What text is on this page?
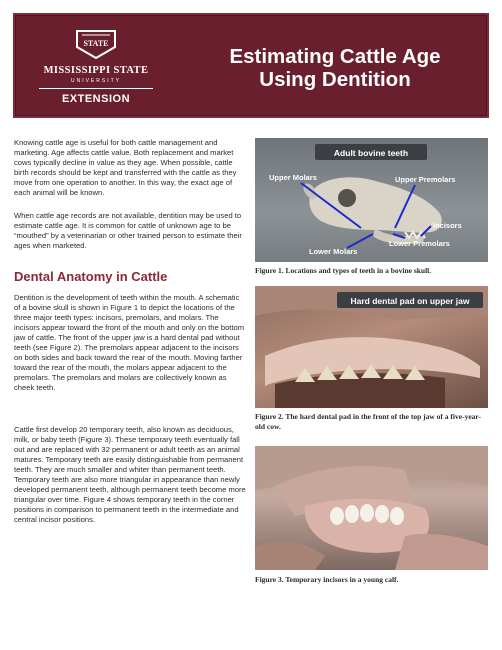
STATE
MISSISSIPPI STATE
UNIVERSITY
EXTENSION
Estimating Cattle Age
Using Dentition

Knowing cattle age is useful for both cattle management and marketing. Age affects cattle value. Both replacement and market cows typically decline in value as they age. When possible, cattle birth records should be kept and transferred with the cattle as they move from one operation to another. In this way, the exact age of each animal will be known.

When cattle age records are not available, dentition may be used to estimate cattle age. It is common for cattle of unknown age to be “mouthed” by a veterinarian or other trained person to estimate their ages when marketed.

Dental Anatomy in Cattle

Dentition is the development of teeth within the mouth. A schematic of a bovine skull is shown in Figure 1 to depict the locations of the three major teeth types: incisors, premolars, and molars. The incisors appear toward the front of the mouth and only on the bottom jaw of cattle. The front of the upper jaw is a hard dental pad without teeth (see Figure 2). The premolars appear adjacent to the incisors on both sides and back toward the rear of the mouth. Moving farther toward the rear of the mouth, the molars appear adjacent to the premolars. The premolars and molars are collectively known as cheek teeth.

Cattle first develop 20 temporary teeth, also known as deciduous, milk, or baby teeth (Figure 3). These temporary teeth eventually fall out and are replaced with 32 permanent or adult teeth as an animal matures. Temporary teeth are easily distinguishable from permanent teeth. They are much smaller and whiter than permanent teeth. Temporary teeth are also more triangular in appearance than newly developed permanent teeth, although permanent teeth become more triangular over time. Figure 4 shows temporary teeth in the corner positions in comparison to permanent teeth in the intermediate and central incisor positions.

Adult bovine teeth
Upper Molars	Upper Premolars
Incisors
Lower Premolars
Lower Molars
Figure 1. Locations and types of teeth in a bovine skull.
Hard dental pad on upper jaw
Figure 2. The hard dental pad in the front of the top jaw of a five-year-old cow.
Figure 3. Temporary incisors in a young calf.
